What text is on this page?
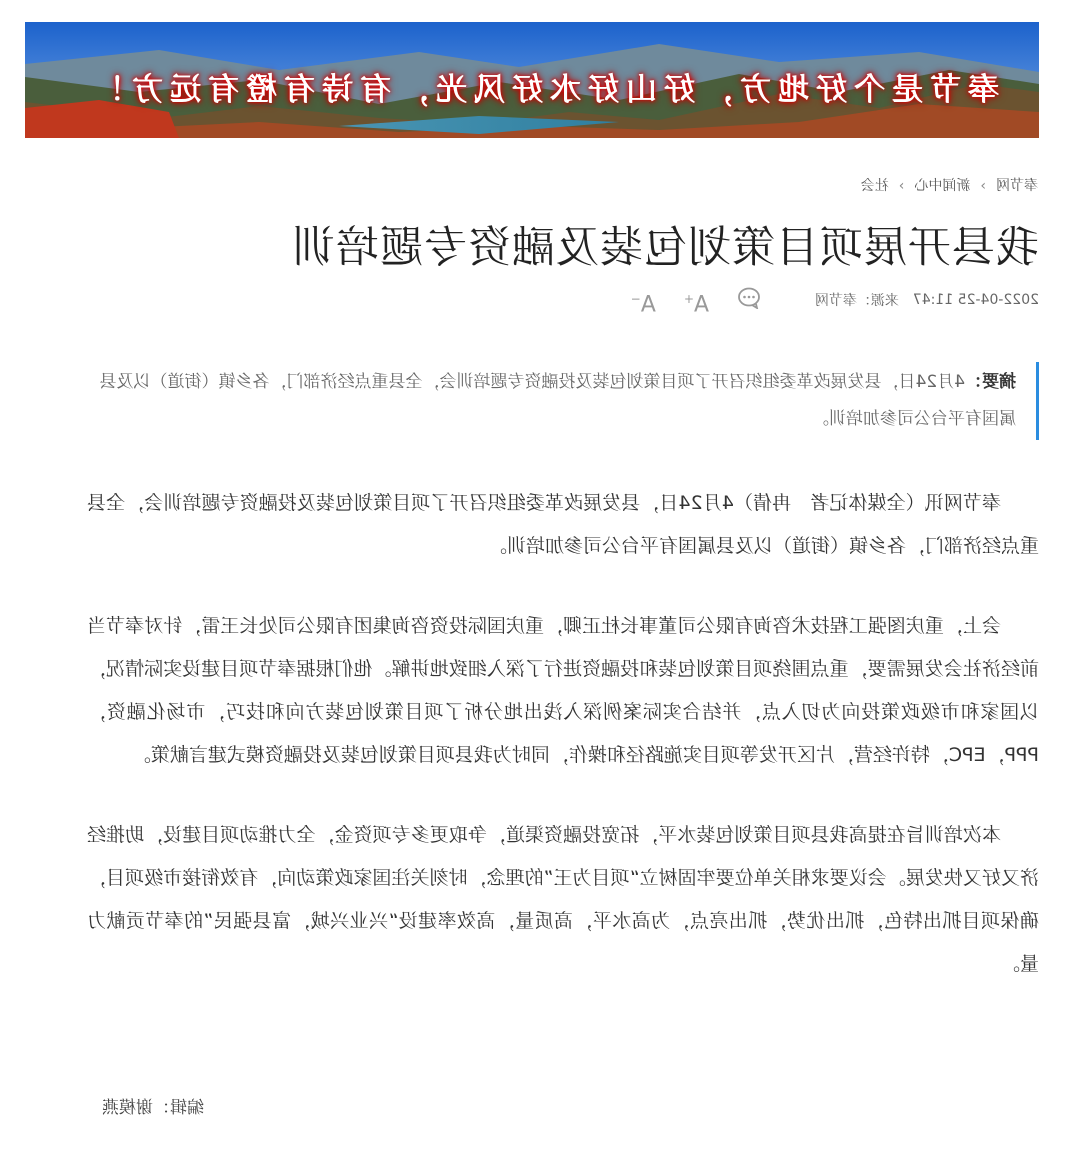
奉节是个好地方，好山好水好风光，有诗有橙有远方！
奉节网›新闻中心›社会
我县开展项目策划包装及融资专题培训
2022-04-25 11:47
来源：奉节网
A+
A−
摘要：4月24日，县发展改革委组织召开了项目策划包装及投融资专题培训会，全县重点经济部门，各乡镇（街道）以及县属国有平台公司参加培训。

奉节网讯（全媒体记者　冉倩）4月24日，县发展改革委组织召开了项目策划包装及投融资专题培训会，全县重点经济部门，各乡镇（街道）以及县属国有平台公司参加培训。

会上，重庆图强工程技术咨询有限公司董事长杜正卿，重庆国际投资咨询集团有限公司处长王雷，针对奉节当前经济社会发展需要，重点围绕项目策划包装和投融资进行了深入细致地讲解。他们根据奉节项目建设实际情况，以国家和市级政策投向为切入点，并结合实际案例深入浅出地分析了项目策划包装方向和技巧，市场化融资，PPP，EPC，特许经营，片区开发等项目实施路径和操作，同时为我县项目策划包装及投融资模式建言献策。

本次培训旨在提高我县项目策划包装水平，拓宽投融资渠道，争取更多专项资金，全力推动项目建设，助推经济又好又快发展。会议要求相关单位要牢固树立“项目为王”的理念，时刻关注国家政策动向，有效衔接市级项目，确保项目抓出特色，抓出优势，抓出亮点，为高水平，高质量，高效率建设“兴业兴城，富县强民”的奉节贡献力量。

编辑：谢模燕
